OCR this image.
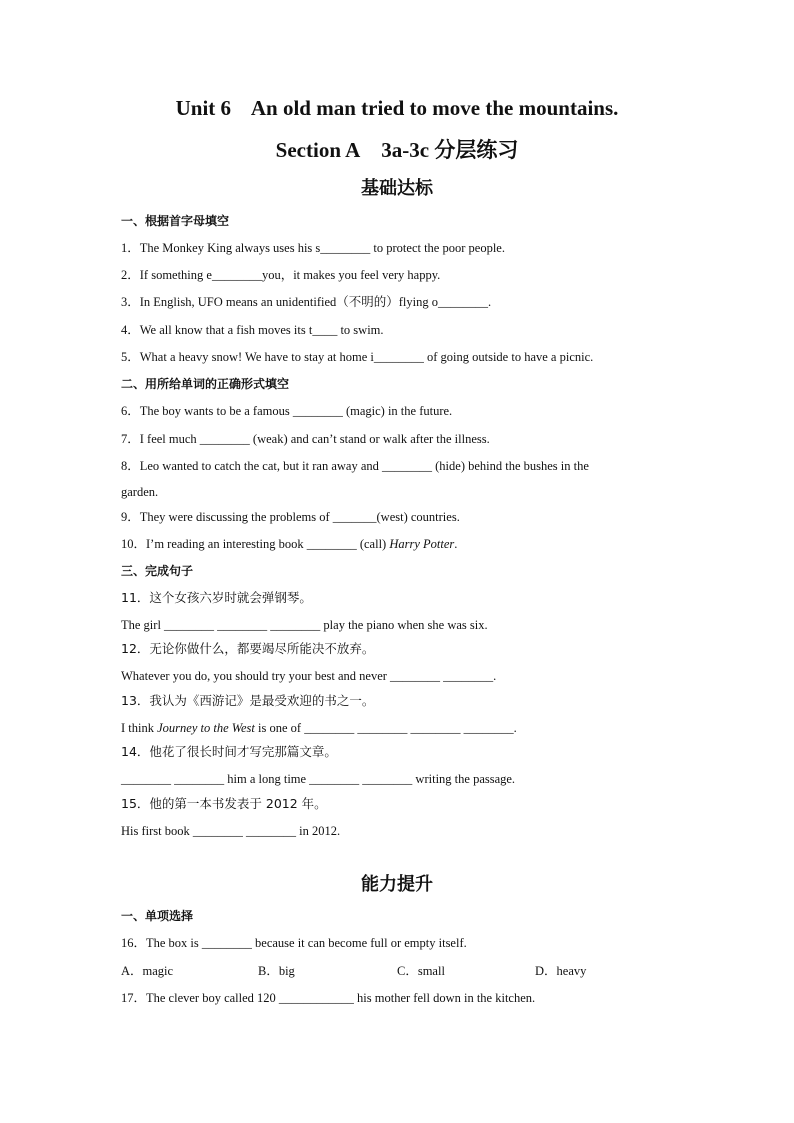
Unit 6    An old man tried to move the mountains.
Section A    3a-3c 分层练习
基础达标
一、根据首字母填空
1．The Monkey King always uses his s________ to protect the poor people.
2．If something e________you，it makes you feel very happy.
3．In English, UFO means an unidentified（不明的）flying o________.
4．We all know that a fish moves its t____ to swim.
5．What a heavy snow! We have to stay at home i________ of going outside to have a picnic.
二、用所给单词的正确形式填空
6．The boy wants to be a famous ________ (magic) in the future.
7．I feel much ________ (weak) and can’t stand or walk after the illness.
8．Leo wanted to catch the cat, but it ran away and ________ (hide) behind the bushes in the
garden.
9．They were discussing the problems of _______(west) countries.
10．I’m reading an interesting book ________ (call) Harry Potter.
三、完成句子
11．这个女孩六岁时就会弹钢琴。
The girl ________ ________ ________ play the piano when she was six.
12．无论你做什么，都要竭尽所能决不放弃。
Whatever you do, you should try your best and never ________ ________.
13．我认为《西游记》是最受欢迎的书之一。
I think Journey to the West is one of ________ ________ ________ ________.
14．他花了很长时间才写完那篇文章。
________ ________ him a long time ________ ________ writing the passage.
15．他的第一本书发表于 2012 年。
His first book ________ ________ in 2012.
能力提升
一、单项选择
16．The box is ________ because it can become full or empty itself.
A．magic	B．big	C．small	D．heavy
17．The clever boy called 120 ____________ his mother fell down in the kitchen.
